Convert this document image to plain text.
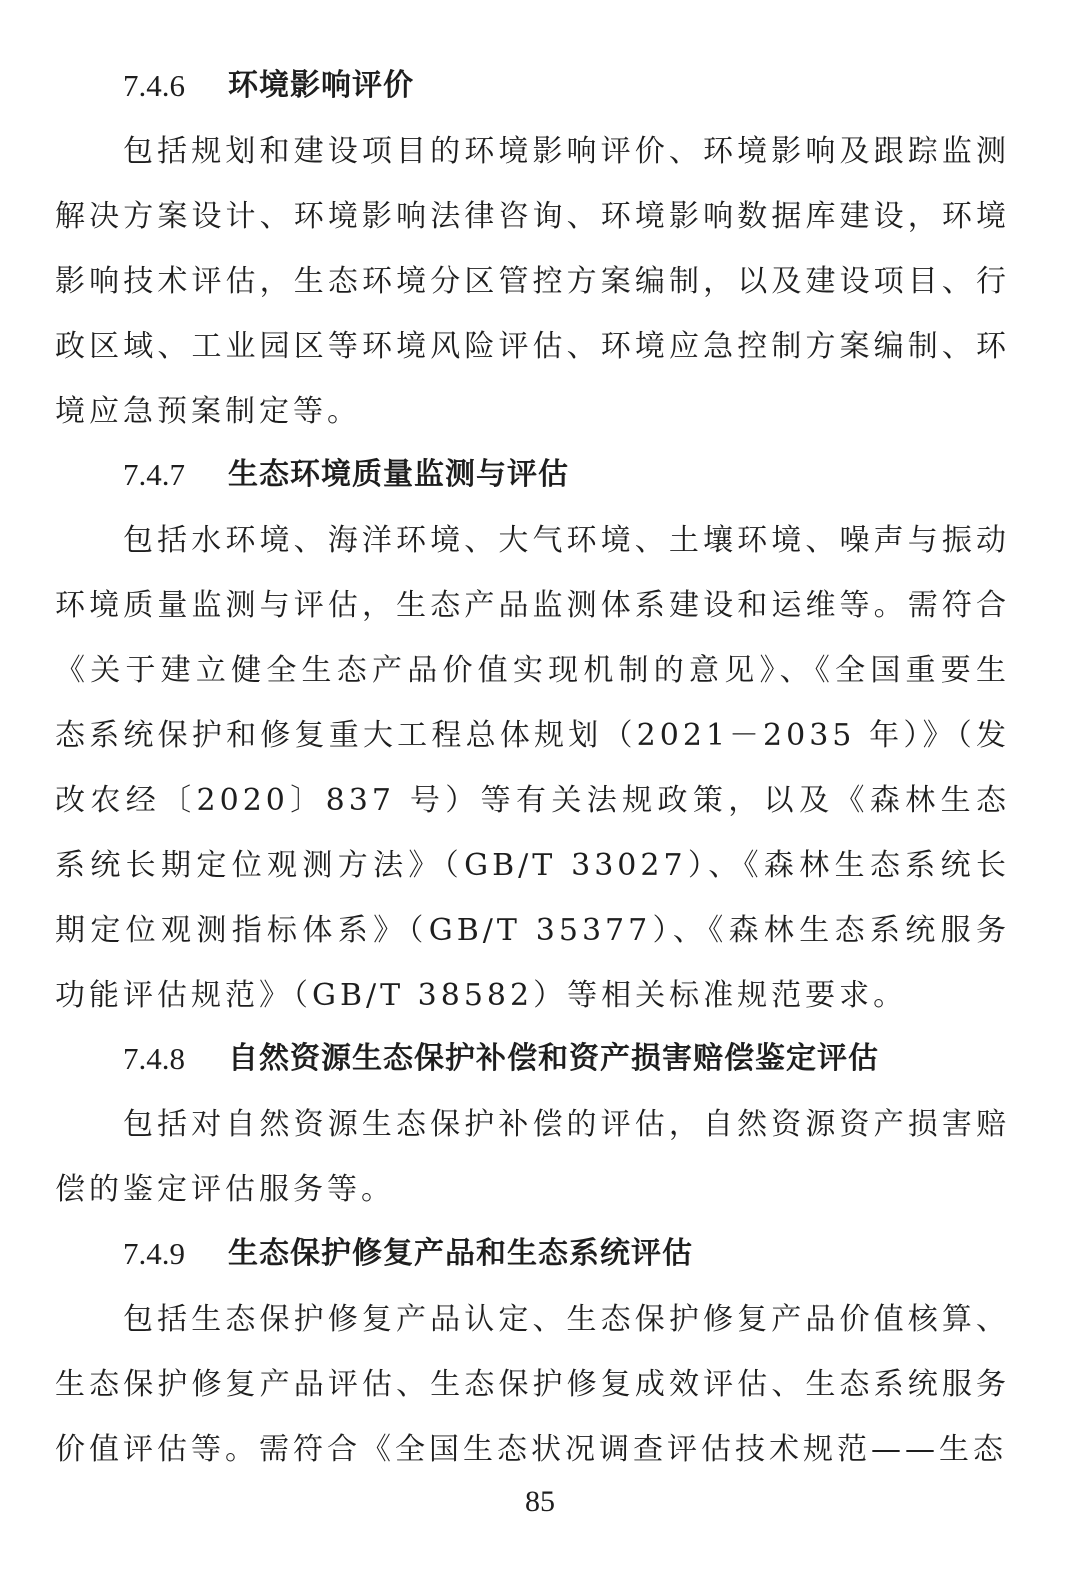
7.4.6	环境影响评价

包括规划和建设项目的环境影响评价、环境影响及跟踪监测解决方案设计、环境影响法律咨询、环境影响数据库建设，环境影响技术评估，生态环境分区管控方案编制，以及建设项目、行政区域、工业园区等环境风险评估、环境应急控制方案编制、环境应急预案制定等。

7.4.7	生态环境质量监测与评估

包括水环境、海洋环境、大气环境、土壤环境、噪声与振动环境质量监测与评估，生态产品监测体系建设和运维等。需符合《关于建立健全生态产品价值实现机制的意见》、《全国重要生态系统保护和修复重大工程总体规划（2021－2035 年）》（发改农经〔2020〕837 号）等有关法规政策，以及《森林生态系统长期定位观测方法》（GB/T 33027）、《森林生态系统长期定位观测指标体系》（GB/T 35377）、《森林生态系统服务功能评估规范》（GB/T 38582）等相关标准规范要求。

7.4.8	自然资源生态保护补偿和资产损害赔偿鉴定评估

包括对自然资源生态保护补偿的评估，自然资源资产损害赔偿的鉴定评估服务等。

7.4.9	生态保护修复产品和生态系统评估

包括生态保护修复产品认定、生态保护修复产品价值核算、生态保护修复产品评估、生态保护修复成效评估、生态系统服务价值评估等。需符合《全国生态状况调查评估技术规范——生态

85
